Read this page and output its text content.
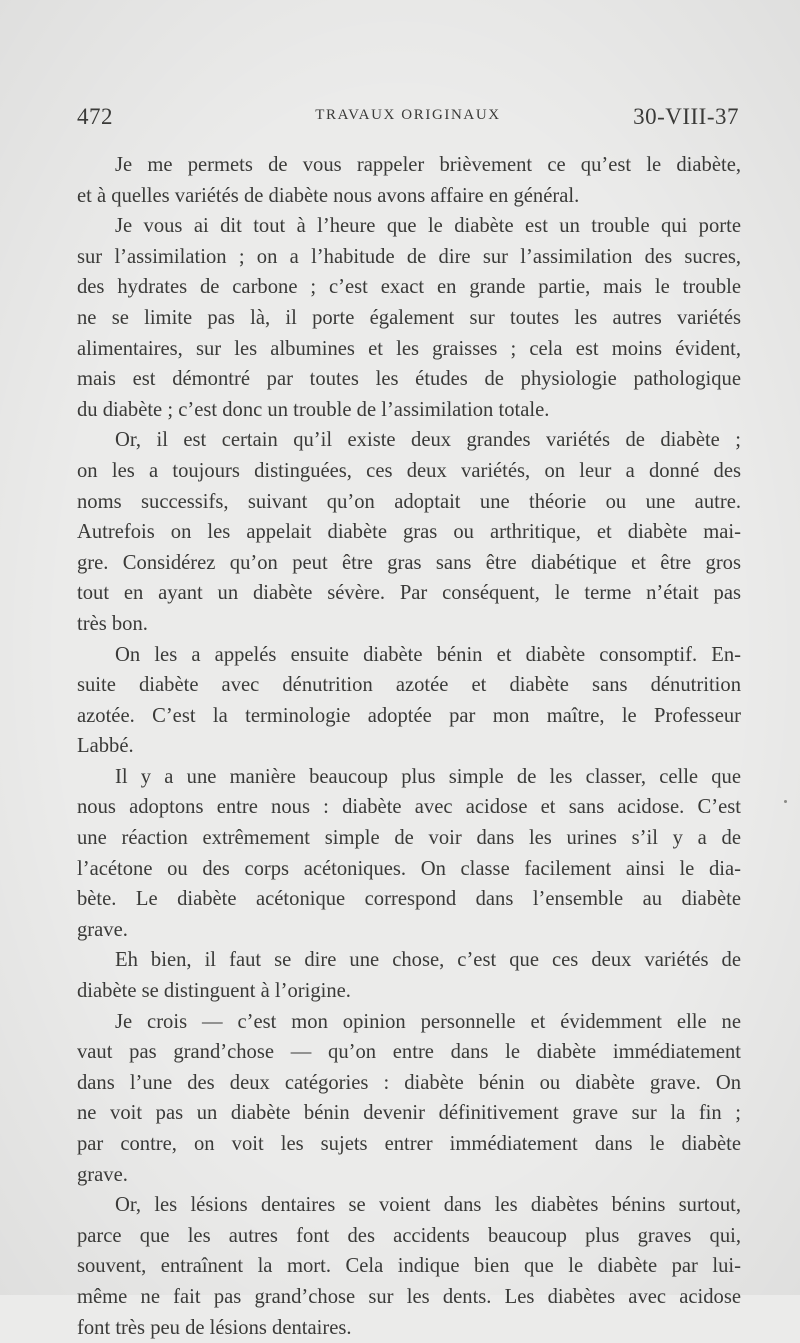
472	TRAVAUX ORIGINAUX	30-VIII-37
Je me permets de vous rappeler brièvement ce qu’est le diabète,
et à quelles variétés de diabète nous avons affaire en général.
Je vous ai dit tout à l’heure que le diabète est un trouble qui porte
sur l’assimilation ; on a l’habitude de dire sur l’assimilation des sucres,
des hydrates de carbone ; c’est exact en grande partie, mais le trouble
ne se limite pas là, il porte également sur toutes les autres variétés
alimentaires, sur les albumines et les graisses ; cela est moins évident,
mais est démontré par toutes les études de physiologie pathologique
du diabète ; c’est donc un trouble de l’assimilation totale.
Or, il est certain qu’il existe deux grandes variétés de diabète ;
on les a toujours distinguées, ces deux variétés, on leur a donné des
noms successifs, suivant qu’on adoptait une théorie ou une autre.
Autrefois on les appelait diabète gras ou arthritique, et diabète mai-
gre. Considérez qu’on peut être gras sans être diabétique et être gros
tout en ayant un diabète sévère. Par conséquent, le terme n’était pas
très bon.
On les a appelés ensuite diabète bénin et diabète consomptif. En-
suite diabète avec dénutrition azotée et diabète sans dénutrition
azotée. C’est la terminologie adoptée par mon maître, le Professeur
Labbé.
Il y a une manière beaucoup plus simple de les classer, celle que
nous adoptons entre nous : diabète avec acidose et sans acidose. C’est
une réaction extrêmement simple de voir dans les urines s’il y a de
l’acétone ou des corps acétoniques. On classe facilement ainsi le dia-
bète. Le diabète acétonique correspond dans l’ensemble au diabète
grave.
Eh bien, il faut se dire une chose, c’est que ces deux variétés de
diabète se distinguent à l’origine.
Je crois — c’est mon opinion personnelle et évidemment elle ne
vaut pas grand’chose — qu’on entre dans le diabète immédiatement
dans l’une des deux catégories : diabète bénin ou diabète grave. On
ne voit pas un diabète bénin devenir définitivement grave sur la fin ;
par contre, on voit les sujets entrer immédiatement dans le diabète
grave.
Or, les lésions dentaires se voient dans les diabètes bénins surtout,
parce que les autres font des accidents beaucoup plus graves qui,
souvent, entraînent la mort. Cela indique bien que le diabète par lui-
même ne fait pas grand’chose sur les dents. Les diabètes avec acidose
font très peu de lésions dentaires.
